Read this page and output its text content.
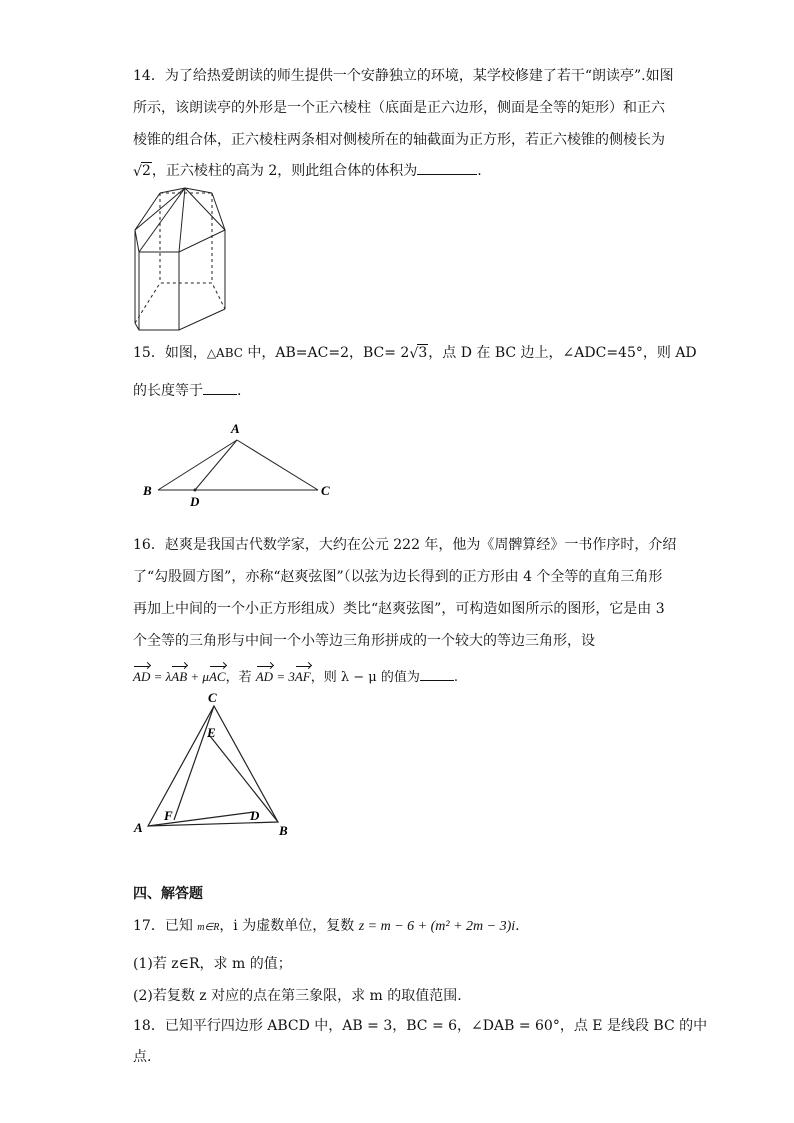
14．为了给热爱朗读的师生提供一个安静独立的环境，某学校修建了若干“朗读亭”.如图
所示，该朗读亭的外形是一个正六棱柱（底面是正六边形，侧面是全等的矩形）和正六
棱锥的组合体，正六棱柱两条相对侧棱所在的轴截面为正方形，若正六棱锥的侧棱长为
√ 2，正六棱柱的高为 2，则此组合体的体积为	.
15．如图，△ABC 中，AB=AC=2，BC= 2 √ 3，点 D 在 BC 边上，∠ADC=45°，则 AD
的长度等于 .
A
B
D
C
16．赵爽是我国古代数学家，大约在公元 222 年，他为《周髀算经》一书作序时，介绍
了“勾股圆方图”，亦称“赵爽弦图”（以弦为边长得到的正方形由 4 个全等的直角三角形
再加上中间的一个小正方形组成）类比“赵爽弦图”，可构造如图所示的图形，它是由 3
个全等的三角形与中间一个小等边三角形拼成的一个较大的等边三角形，设
AD = λAB + μAC，若 AD = 3AF，则 λ − μ 的值为	.
C
E
F	D
A	B
四、解答题
17．已知 m∈R，i 为虚数单位，复数 z = m − 6 + (m² + 2m − 3)i.
(1)若 z∈R，求 m 的值；
(2)若复数 z 对应的点在第三象限，求 m 的取值范围.
18．已知平行四边形 ABCD 中，AB = 3，BC = 6，∠DAB = 60°，点 E 是线段 BC 的中
点.
